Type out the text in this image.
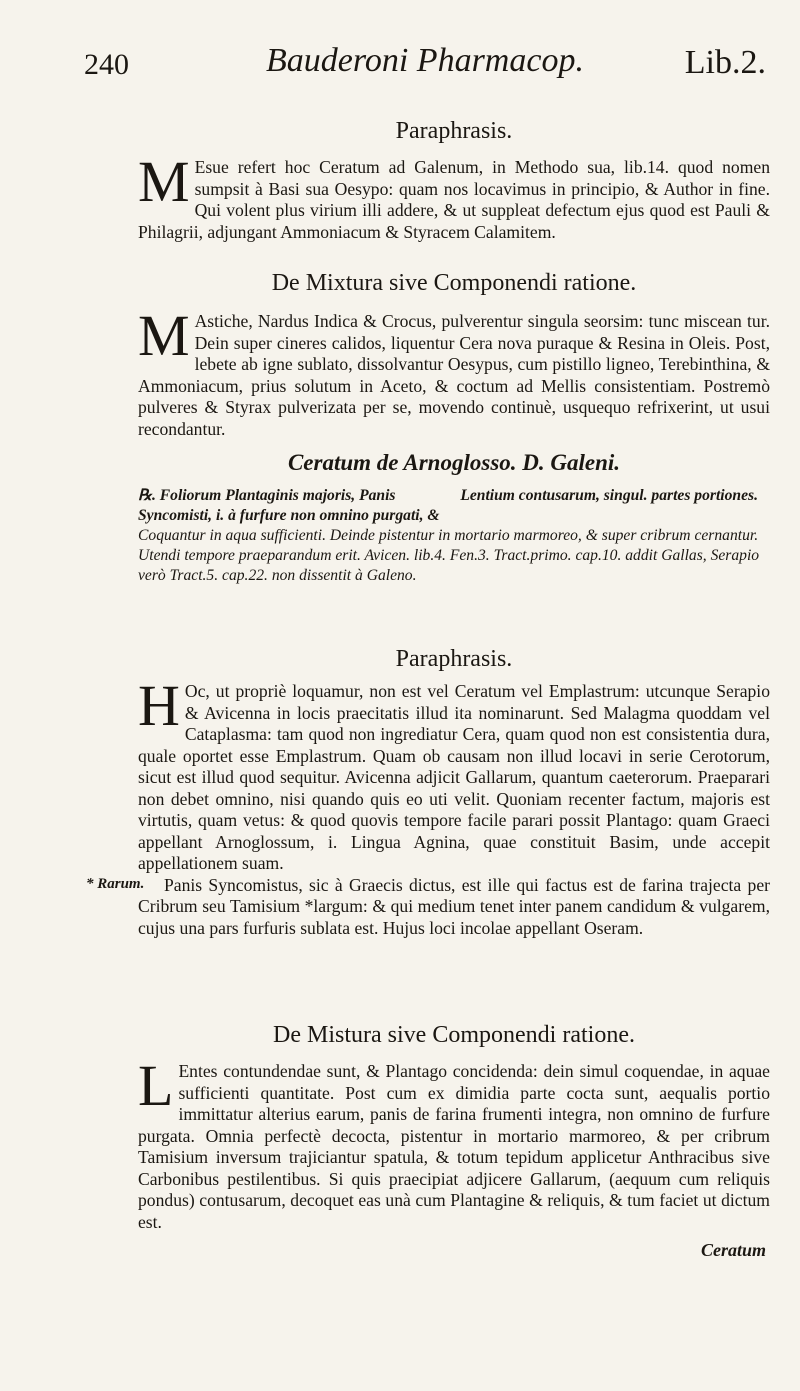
240	Bauderoni Pharmacop.	Lib.2.
Paraphrasis.
M Esue refert hoc Ceratum ad Galenum, in Methodo sua, lib.14. quod nomen sumpsit à Basi sua Oesypo: quam nos locavimus in principio, & Author in fine. Qui volent plus virium illi addere, & ut suppleat defectum ejus quod est Pauli & Philagrii, adjungant Ammoniacum & Styracem Calamitem.
De Mixtura sive Componendi ratione.
M Astiche, Nardus Indica & Crocus, pulverentur singula seorsim: tunc miscean tur. Dein super cineres calidos, liquentur Cera nova puraque & Resina in Oleis. Post, lebete ab igne sublato, dissolvantur Oesypus, cum pistillo ligneo, Terebinthina, & Ammoniacum, prius solutum in Aceto, & coctum ad Mellis consistentiam. Postremò pulveres & Styrax pulverizata per se, movendo continuè, usquequo refrixerint, ut usui recondantur.
Ceratum de Arnoglosso. D. Galeni.
℞. Foliorum Plantaginis majoris, Panis Syncomisti, i. à furfure non omnino purgati, &
Lentium contusarum, singul. partes portiones.
Coquantur in aqua sufficienti. Deinde pistentur in mortario marmoreo, & super cribrum cernantur. Utendi tempore praeparandum erit. Avicen. lib.4. Fen.3. Tract.primo. cap.10. addit Gallas, Serapio verò Tract.5. cap.22. non dissentit à Galeno.
Paraphrasis.
H Oc, ut propriè loquamur, non est vel Ceratum vel Emplastrum: utcunque Serapio & Avicenna in locis praecitatis illud ita nominarunt. Sed Malagma quoddam vel Cataplasma: tam quod non ingrediatur Cera, quam quod non est consistentia dura, quale oportet esse Emplastrum. Quam ob causam non illud locavi in serie Cerotorum, sicut est illud quod sequitur. Avicenna adjicit Gallarum, quantum caeterorum. Praeparari non debet omnino, nisi quando quis eo uti velit. Quoniam recenter factum, majoris est virtutis, quam vetus: & quod quovis tempore facile parari possit Plantago: quam Graeci appellant Arnoglossum, i. Lingua Agnina, quae constituit Basim, unde accepit appellationem suam.
Panis Syncomistus, sic à Graecis dictus, est ille qui factus est de farina trajecta per Cribrum seu Tamisium *largum: & qui medium tenet inter panem candidum & vulgarem, cujus una pars furfuris sublata est. Hujus loci incolae appellant Oseram.
* Rarum.
De Mistura sive Componendi ratione.
L Entes contundendae sunt, & Plantago concidenda: dein simul coquendae, in aquae sufficienti quantitate. Post cum ex dimidia parte cocta sunt, aequalis portio immittatur alterius earum, panis de farina frumenti integra, non omnino de furfure purgata. Omnia perfectè decocta, pistentur in mortario marmoreo, & per cribrum Tamisium inversum trajiciantur spatula, & totum tepidum applicetur Anthracibus sive Carbonibus pestilentibus. Si quis praecipiat adjicere Gallarum, (aequum cum reliquis pondus) contusarum, decoquet eas unà cum Plantagine & reliquis, & tum faciet ut dictum est.
Ceratum
